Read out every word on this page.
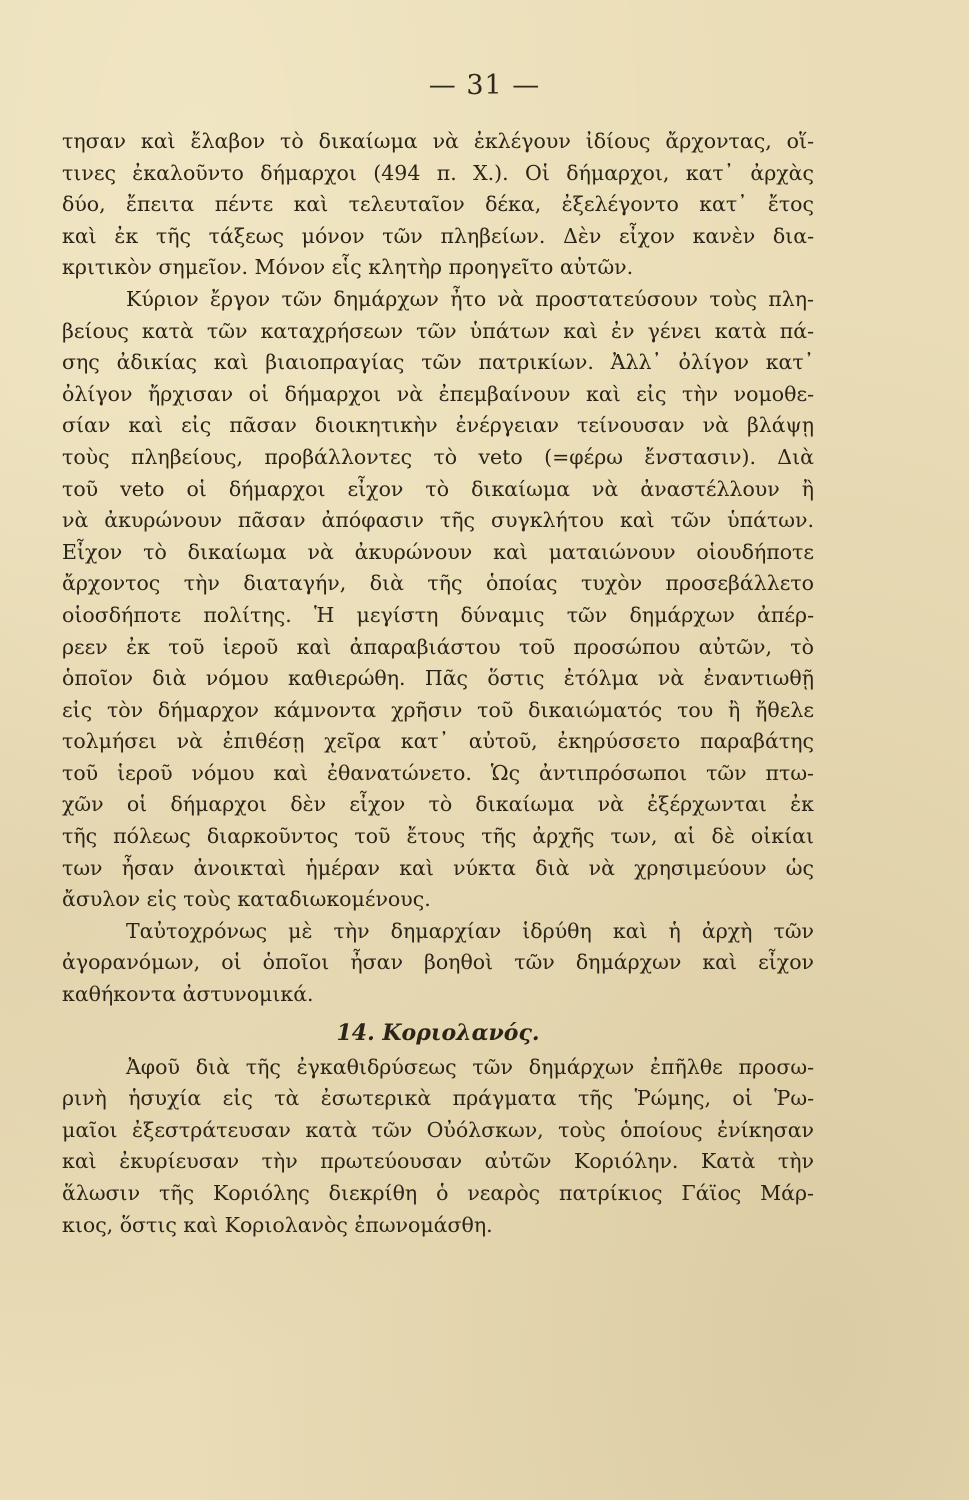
— 31 —
τησαν καὶ ἔλαβον τὸ δικαίωμα νὰ ἐκλέγουν ἰδίους ἄρχοντας, οἵ-
τινες ἐκαλοῦντο δήμαρχοι (494 π. Χ.). Οἱ δήμαρχοι, κατ᾽ ἀρχὰς
δύο, ἔπειτα πέντε καὶ τελευταῖον δέκα, ἐξελέγοντο κατ᾽ ἔτος
καὶ ἐκ τῆς τάξεως μόνον τῶν πληβείων. Δὲν εἶχον κανὲν δια-
κριτικὸν σημεῖον. Μόνον εἷς κλητὴρ προηγεῖτο αὐτῶν.
Κύριον ἔργον τῶν δημάρχων ἦτο νὰ προστατεύσουν τοὺς πλη-
βείους κατὰ τῶν καταχρήσεων τῶν ὑπάτων καὶ ἐν γένει κατὰ πά-
σης ἀδικίας καὶ βιαιοπραγίας τῶν πατρικίων. Ἀλλ᾽ ὀλίγον κατ᾽
ὀλίγον ἤρχισαν οἱ δήμαρχοι νὰ ἐπεμβαίνουν καὶ εἰς τὴν νομοθε-
σίαν καὶ εἰς πᾶσαν διοικητικὴν ἐνέργειαν τείνουσαν νὰ βλάψῃ
τοὺς πληβείους, προβάλλοντες τὸ veto (=φέρω ἔνστασιν). Διὰ
τοῦ veto οἱ δήμαρχοι εἶχον τὸ δικαίωμα νὰ ἀναστέλλουν ἢ
νὰ ἀκυρώνουν πᾶσαν ἀπόφασιν τῆς συγκλήτου καὶ τῶν ὑπάτων.
Εἶχον τὸ δικαίωμα νὰ ἀκυρώνουν καὶ ματαιώνουν οἱουδήποτε
ἄρχοντος τὴν διαταγήν, διὰ τῆς ὁποίας τυχὸν προσεβάλλετο
οἱοσδήποτε πολίτης. Ἡ μεγίστη δύναμις τῶν δημάρχων ἀπέρ-
ρεεν ἐκ τοῦ ἱεροῦ καὶ ἀπαραβιάστου τοῦ προσώπου αὐτῶν, τὸ
ὁποῖον διὰ νόμου καθιερώθη. Πᾶς ὅστις ἐτόλμα νὰ ἐναντιωθῇ
εἰς τὸν δήμαρχον κάμνοντα χρῆσιν τοῦ δικαιώματός του ἢ ἤθελε
τολμήσει νὰ ἐπιθέσῃ χεῖρα κατ᾽ αὐτοῦ, ἐκηρύσσετο παραβάτης
τοῦ ἱεροῦ νόμου καὶ ἐθανατώνετο. Ὡς ἀντιπρόσωποι τῶν πτω-
χῶν οἱ δήμαρχοι δὲν εἶχον τὸ δικαίωμα νὰ ἐξέρχωνται ἐκ
τῆς πόλεως διαρκοῦντος τοῦ ἔτους τῆς ἀρχῆς των, αἱ δὲ οἰκίαι
των ἦσαν ἀνοικταὶ ἡμέραν καὶ νύκτα διὰ νὰ χρησιμεύουν ὡς
ἄσυλον εἰς τοὺς καταδιωκομένους.
Ταὐτοχρόνως μὲ τὴν δημαρχίαν ἱδρύθη καὶ ἡ ἀρχὴ τῶν
ἀγορανόμων, οἱ ὁποῖοι ἦσαν βοηθοὶ τῶν δημάρχων καὶ εἶχον
καθήκοντα ἀστυνομικά.
14. Κοριολανός.
Ἀφοῦ διὰ τῆς ἐγκαθιδρύσεως τῶν δημάρχων ἐπῆλθε προσω-
ρινὴ ἡσυχία εἰς τὰ ἐσωτερικὰ πράγματα τῆς Ῥώμης, οἱ Ῥω-
μαῖοι ἐξεστράτευσαν κατὰ τῶν Οὐόλσκων, τοὺς ὁποίους ἐνίκησαν
καὶ ἐκυρίευσαν τὴν πρωτεύουσαν αὐτῶν Κοριόλην. Κατὰ τὴν
ἅλωσιν τῆς Κοριόλης διεκρίθη ὁ νεαρὸς πατρίκιος Γάϊος Μάρ-
κιος, ὅστις καὶ Κοριολανὸς ἐπωνομάσθη.
